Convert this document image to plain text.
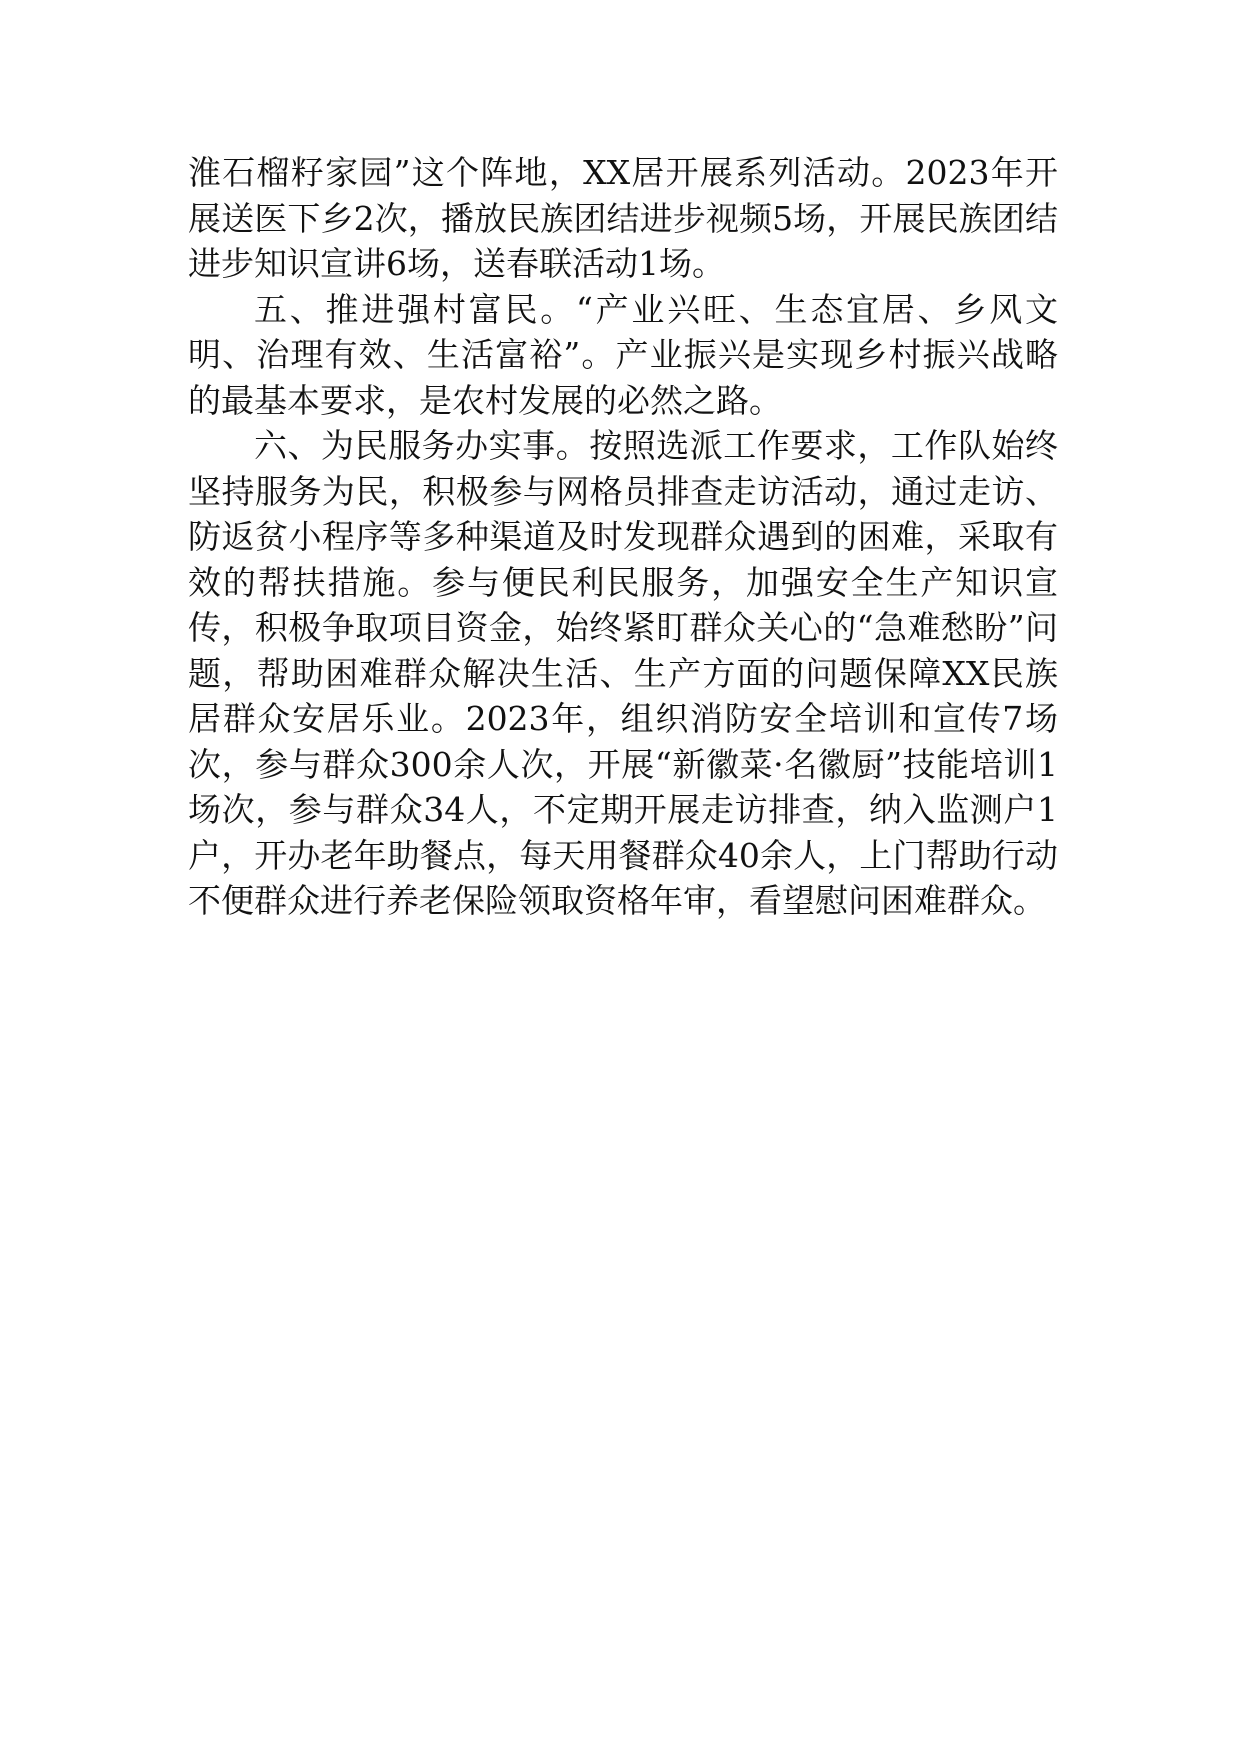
淮石榴籽家园”这个阵地，XX居开展系列活动。2023年开展送医下乡2次，播放民族团结进步视频5场，开展民族团结进步知识宣讲6场，送春联活动1场。

五、推进强村富民。“产业兴旺、生态宜居、乡风文明、治理有效、生活富裕”。产业振兴是实现乡村振兴战略的最基本要求，是农村发展的必然之路。

六、为民服务办实事。按照选派工作要求，工作队始终坚持服务为民，积极参与网格员排查走访活动，通过走访、防返贫小程序等多种渠道及时发现群众遇到的困难，采取有效的帮扶措施。参与便民利民服务，加强安全生产知识宣传，积极争取项目资金，始终紧盯群众关心的“急难愁盼”问题，帮助困难群众解决生活、生产方面的问题保障XX民族居群众安居乐业。2023年，组织消防安全培训和宣传7场次，参与群众300余人次，开展“新徽菜·名徽厨”技能培训1场次，参与群众34人，不定期开展走访排查，纳入监测户1户，开办老年助餐点，每天用餐群众40余人，上门帮助行动不便群众进行养老保险领取资格年审，看望慰问困难群众。
